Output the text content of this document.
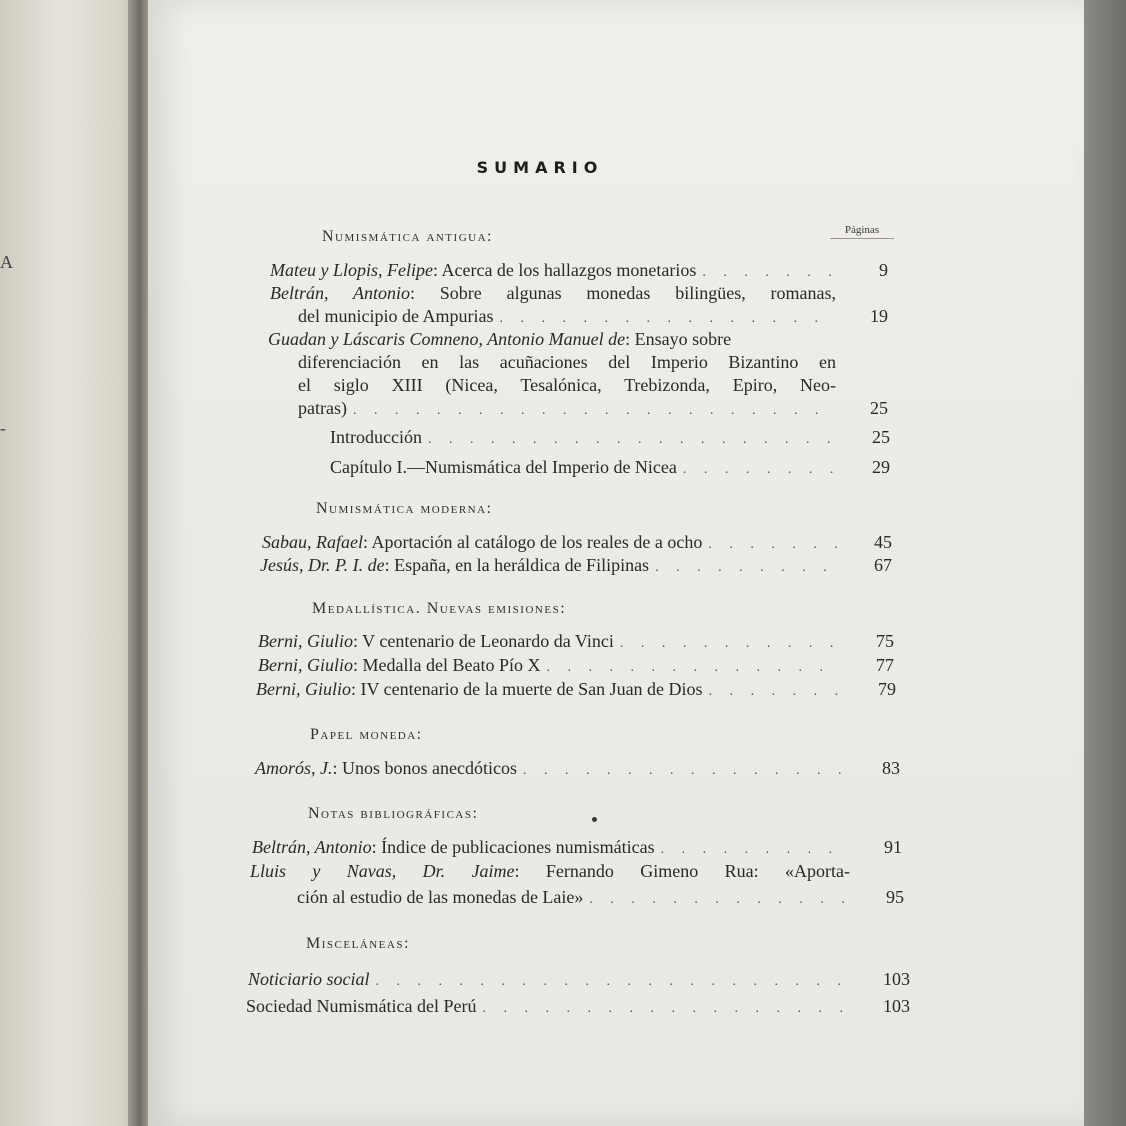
A
-
SUMARIO
Páginas
Numismática antigua:
Mateu y Llopis, Felipe: Acerca de los hallazgos monetarios . . .	9
Beltrán, Antonio: Sobre algunas monedas bilingües, romanas,
del municipio de Ampurias . . .	19
Guadan y Láscaris Comneno, Antonio Manuel de: Ensayo sobre
diferenciación en las acuñaciones del Imperio Bizantino en
el siglo XIII (Nicea, Tesalónica, Trebizonda, Epiro, Neo-
patras) . . .	25
Introducción . . .	25
Capítulo I.—Numismática del Imperio de Nicea . . .	29
Numismática moderna:
Sabau, Rafael: Aportación al catálogo de los reales de a ocho . . .	45
Jesús, Dr. P. I. de: España, en la heráldica de Filipinas . . .	67
Medallística. Nuevas emisiones:
Berni, Giulio: V centenario de Leonardo da Vinci . . .	75
Berni, Giulio: Medalla del Beato Pío X . . .	77
Berni, Giulio: IV centenario de la muerte de San Juan de Dios . . .	79
Papel moneda:
Amorós, J.: Unos bonos anecdóticos . . .	83
Notas bibliográficas:
Beltrán, Antonio: Índice de publicaciones numismáticas . . .	91
Lluis y Navas, Dr. Jaime: Fernando Gimeno Rua: «Aporta-
ción al estudio de las monedas de Laie» . . .	95
Misceláneas:
Noticiario social . . .	103
Sociedad Numismática del Perú . . .	103
